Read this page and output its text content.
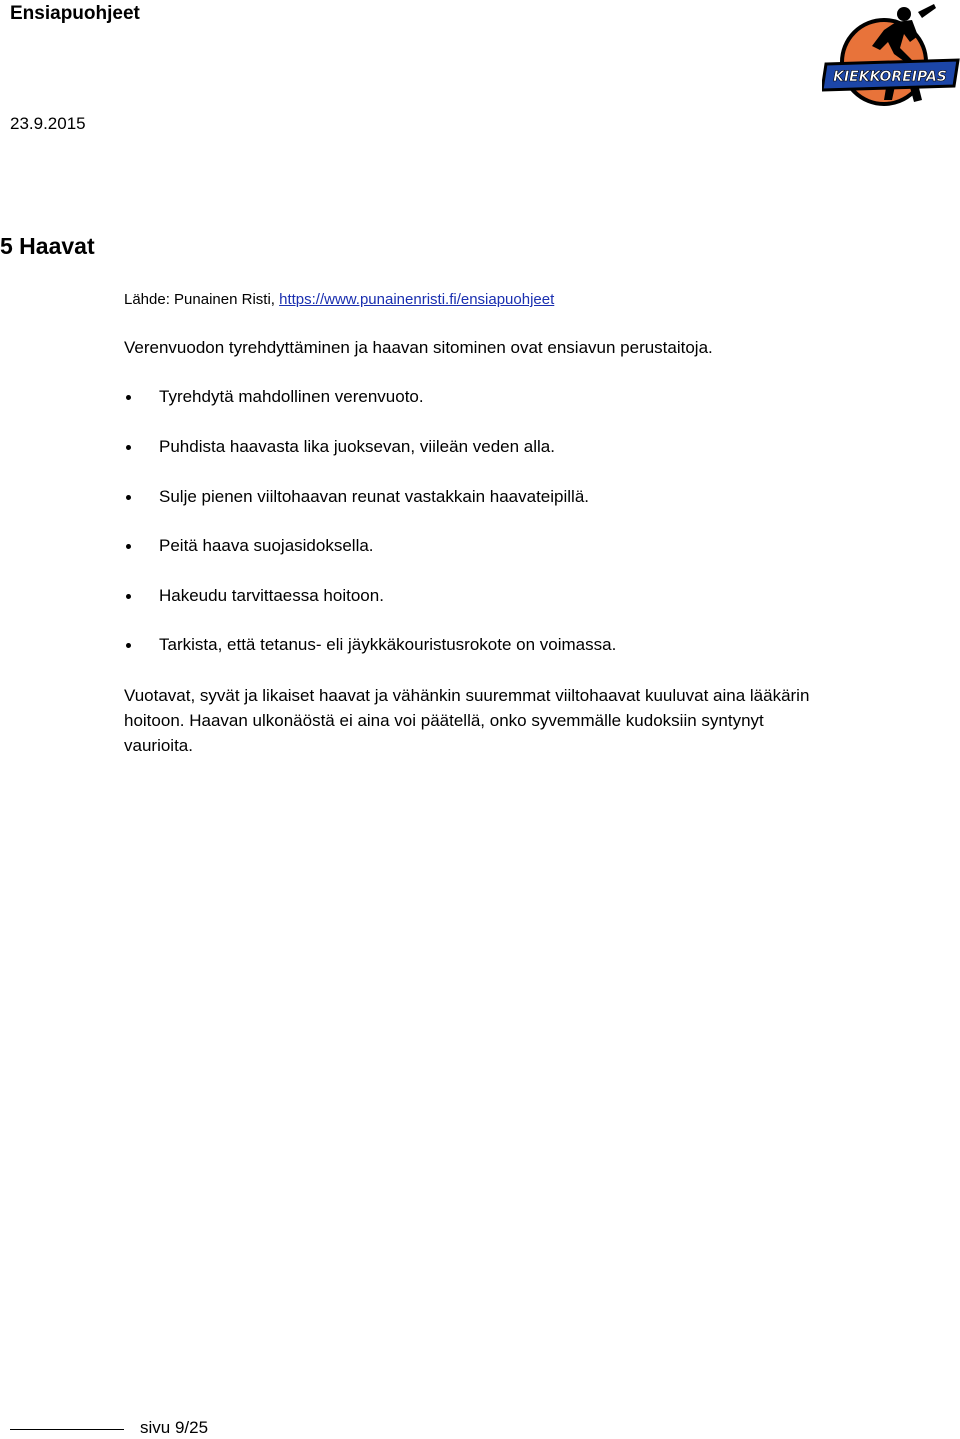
Ensiapuohjeet
23.9.2015
KIEKKOREIPAS
5 Haavat
Lähde: Punainen Risti, https://www.punainenristi.fi/ensiapuohjeet
Verenvuodon tyrehdyttäminen ja haavan sitominen ovat ensiavun perustaitoja.
Tyrehdytä mahdollinen verenvuoto.
Puhdista haavasta lika juoksevan, viileän veden alla.
Sulje pienen viiltohaavan reunat vastakkain haavateipillä.
Peitä haava suojasidoksella.
Hakeudu tarvittaessa hoitoon.
Tarkista, että tetanus- eli jäykkäkouristusrokote on voimassa.
Vuotavat, syvät ja likaiset haavat ja vähänkin suuremmat viiltohaavat kuuluvat aina lääkärin hoitoon. Haavan ulkonäöstä ei aina voi päätellä, onko syvemmälle kudoksiin syntynyt vaurioita.
sivu 9/25
